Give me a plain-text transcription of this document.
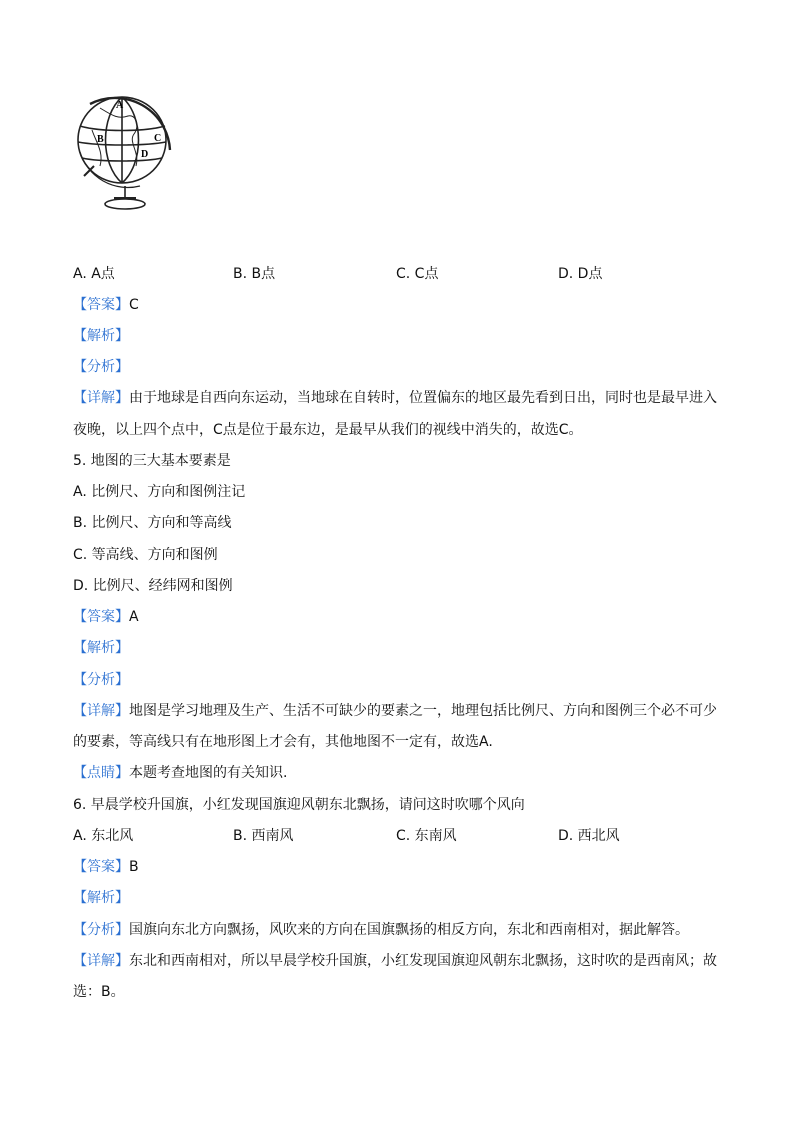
A
B	C
D
A. A点	B. B点	C. C点	D. D点
【答案】C
【解析】
【分析】
【详解】由于地球是自西向东运动，当地球在自转时，位置偏东的地区最先看到日出，同时也是最早进入
夜晚，以上四个点中，C点是位于最东边，是最早从我们的视线中消失的，故选C。
5. 地图的三大基本要素是
A. 比例尺、方向和图例注记
B. 比例尺、方向和等高线
C. 等高线、方向和图例
D. 比例尺、经纬网和图例
【答案】A
【解析】
【分析】
【详解】地图是学习地理及生产、生活不可缺少的要素之一，地理包括比例尺、方向和图例三个必不可少
的要素，等高线只有在地形图上才会有，其他地图不一定有，故选A.
【点睛】本题考查地图的有关知识.
6. 早晨学校升国旗，小红发现国旗迎风朝东北飘扬，请问这时吹哪个风向
A. 东北风	B. 西南风	C. 东南风	D. 西北风
【答案】B
【解析】
【分析】国旗向东北方向飘扬，风吹来的方向在国旗飘扬的相反方向，东北和西南相对，据此解答。
【详解】东北和西南相对，所以早晨学校升国旗，小红发现国旗迎风朝东北飘扬，这时吹的是西南风；故
选：B。
